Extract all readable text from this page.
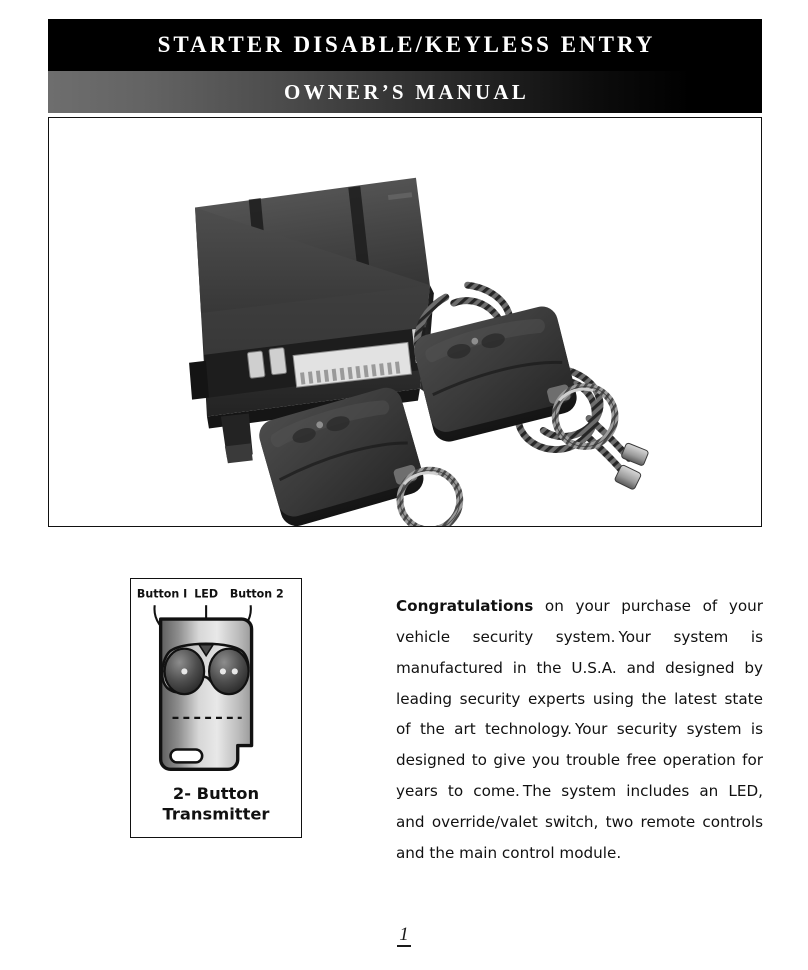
STARTER DISABLE/KEYLESS ENTRY
OWNER’S MANUAL
Button I LED Button 2
2- Button
Transmitter

Congratulations on your purchase of your vehicle security system. Your system is manufactured in the U.S.A. and designed by leading security experts using the latest state of the art technology. Your security system is designed to give you trouble free operation for years to come. The system includes an LED, and override/valet switch, two remote controls and the main control module.

1
